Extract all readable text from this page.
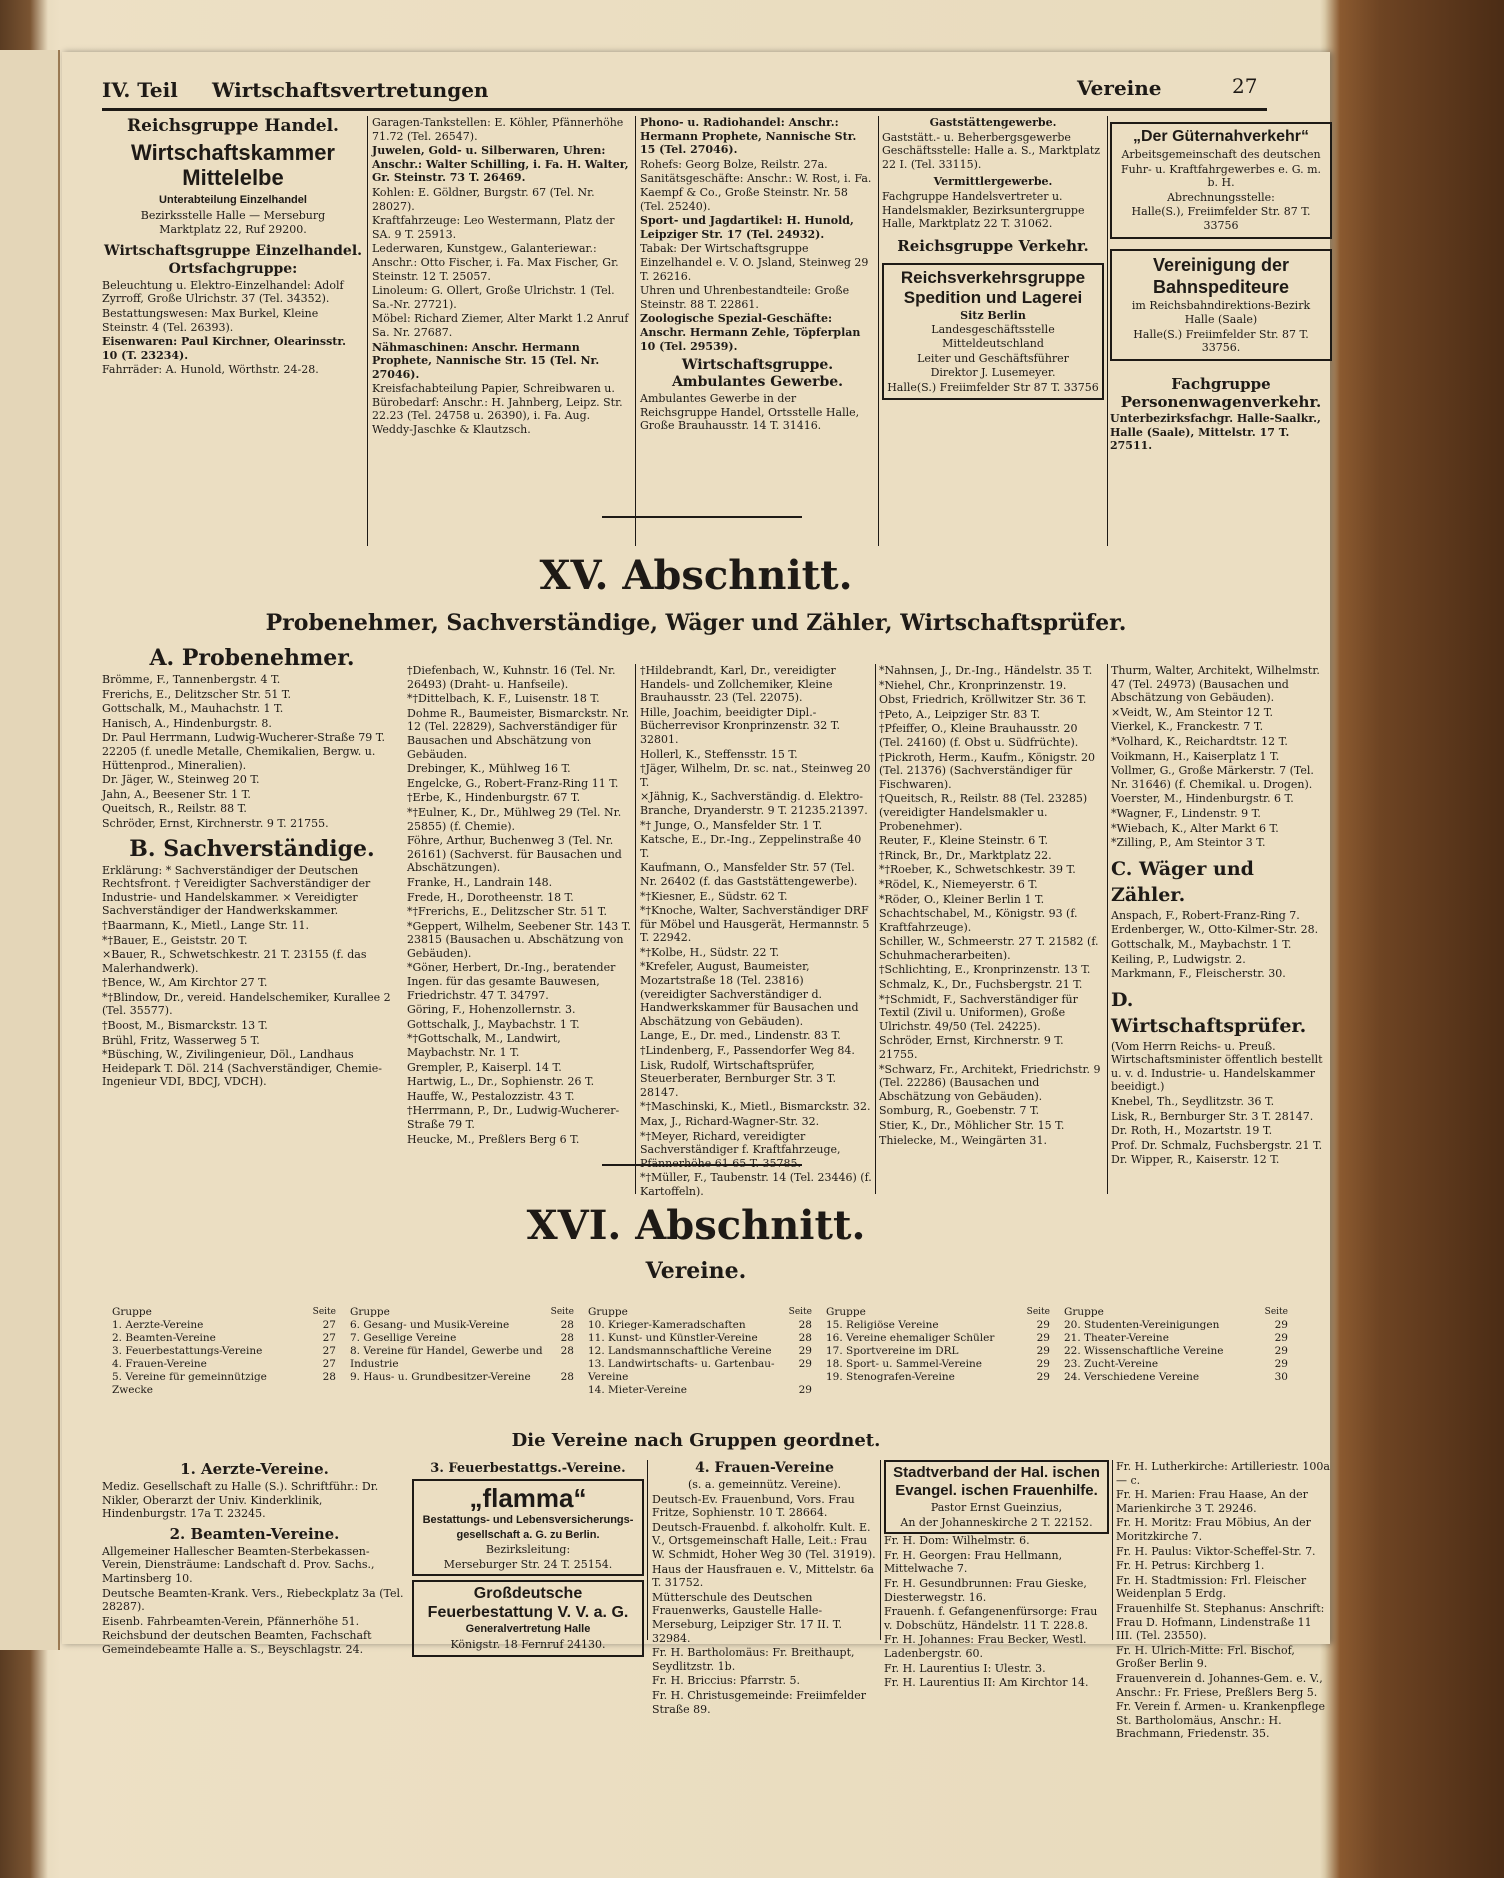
IV. Teil Wirtschaftsvertretungen	Vereine	27

Reichsgruppe Handel.

Wirtschaftskammer Mittelelbe

Unterabteilung Einzelhandel

Bezirksstelle Halle — Merseburg

Marktplatz 22, Ruf 29200.

Wirtschaftsgruppe Einzelhandel.

Ortsfachgruppe:

Beleuchtung u. Elektro-Einzelhandel: Adolf Zyrroff, Große Ulrichstr. 37 (Tel. 34352).

Bestattungswesen: Max Burkel, Kleine Steinstr. 4 (Tel. 26393).

Eisenwaren: Paul Kirchner, Olearinsstr. 10 (T. 23234).

Fahrräder: A. Hunold, Wörthstr. 24-28.

Garagen-Tankstellen: E. Köhler, Pfännerhöhe 71.72 (Tel. 26547).

Juwelen, Gold- u. Silberwaren, Uhren: Anschr.: Walter Schilling, i. Fa. H. Walter, Gr. Steinstr. 73 T. 26469.

Kohlen: E. Göldner, Burgstr. 67 (Tel. Nr. 28027).

Kraftfahrzeuge: Leo Westermann, Platz der SA. 9 T. 25913.

Lederwaren, Kunstgew., Galanteriewar.: Anschr.: Otto Fischer, i. Fa. Max Fischer, Gr. Steinstr. 12 T. 25057.

Linoleum: G. Ollert, Große Ulrichstr. 1 (Tel. Sa.-Nr. 27721).

Möbel: Richard Ziemer, Alter Markt 1.2 Anruf Sa. Nr. 27687.

Nähmaschinen: Anschr. Hermann Prophete, Nannische Str. 15 (Tel. Nr. 27046).

Kreisfachabteilung Papier, Schreibwaren u. Bürobedarf: Anschr.: H. Jahnberg, Leipz. Str. 22.23 (Tel. 24758 u. 26390), i. Fa. Aug. Weddy-Jaschke & Klautzsch.

Phono- u. Radiohandel: Anschr.: Hermann Prophete, Nannische Str. 15 (Tel. 27046).

Rohefs: Georg Bolze, Reilstr. 27a.

Sanitätsgeschäfte: Anschr.: W. Rost, i. Fa. Kaempf & Co., Große Steinstr. Nr. 58 (Tel. 25240).

Sport- und Jagdartikel: H. Hunold, Leipziger Str. 17 (Tel. 24932).

Tabak: Der Wirtschaftsgruppe Einzelhandel e. V. O. Jsland, Steinweg 29 T. 26216.

Uhren und Uhrenbestandteile: Große Steinstr. 88 T. 22861.

Zoologische Spezial-Geschäfte: Anschr. Hermann Zehle, Töpferplan 10 (Tel. 29539).

Wirtschaftsgruppe. Ambulantes Gewerbe.

Ambulantes Gewerbe in der Reichsgruppe Handel, Ortsstelle Halle, Große Brauhausstr. 14 T. 31416.

Gaststättengewerbe.

Gaststätt.- u. Beherbergsgewerbe Geschäftsstelle: Halle a. S., Marktplatz 22 I. (Tel. 33115).

Vermittlergewerbe.

Fachgruppe Handelsvertreter u. Handelsmakler, Bezirksuntergruppe Halle, Marktplatz 22 T. 31062.

Reichsgruppe Verkehr.

Reichsverkehrsgruppe Spedition und Lagerei

Sitz Berlin

Landesgeschäftsstelle Mitteldeutschland

Leiter und Geschäftsführer

Direktor J. Lusemeyer.

Halle(S.) Freiimfelder Str 87 T. 33756

„Der Güternahverkehr“

Arbeitsgemeinschaft des deutschen

Fuhr- u. Kraftfahrgewerbes e. G. m. b. H.

Abrechnungsstelle:

Halle(S.), Freiimfelder Str. 87 T. 33756

Vereinigung der Bahnspediteure

im Reichsbahndirektions-Bezirk

Halle (Saale)

Halle(S.) Freiimfelder Str. 87 T. 33756.

Fachgruppe Personenwagenverkehr.

Unterbezirksfachgr. Halle-Saalkr., Halle (Saale), Mittelstr. 17 T. 27511.

XV. Abschnitt.
Probenehmer, Sachverständige, Wäger und Zähler, Wirtschaftsprüfer.

A. Probenehmer.

Brömme, F., Tannenbergstr. 4 T.

Frerichs, E., Delitzscher Str. 51 T.

Gottschalk, M., Mauhachstr. 1 T.

Hanisch, A., Hindenburgstr. 8.

Dr. Paul Herrmann, Ludwig-Wucherer-Straße 79 T. 22205 (f. unedle Metalle, Chemikalien, Bergw. u. Hüttenprod., Mineralien).

Dr. Jäger, W., Steinweg 20 T.

Jahn, A., Beesener Str. 1 T.

Queitsch, R., Reilstr. 88 T.

Schröder, Ernst, Kirchnerstr. 9 T. 21755.

B. Sachverständige.

Erklärung: * Sachverständiger der Deutschen Rechtsfront. † Vereidigter Sachverständiger der Industrie- und Handelskammer. × Vereidigter Sachverständiger der Handwerkskammer.

†Baarmann, K., Mietl., Lange Str. 11.

*†Bauer, E., Geiststr. 20 T.

×Bauer, R., Schwetschkestr. 21 T. 23155 (f. das Malerhandwerk).

†Bence, W., Am Kirchtor 27 T.

*†Blindow, Dr., vereid. Handelschemiker, Kurallee 2 (Tel. 35577).

†Boost, M., Bismarckstr. 13 T.

Brühl, Fritz, Wasserweg 5 T.

*Büsching, W., Zivilingenieur, Döl., Landhaus Heidepark T. Döl. 214 (Sachverständiger, Chemie-Ingenieur VDI, BDCJ, VDCH).

†Diefenbach, W., Kuhnstr. 16 (Tel. Nr. 26493) (Draht- u. Hanfseile).

*†Dittelbach, K. F., Luisenstr. 18 T.

Dohme R., Baumeister, Bismarckstr. Nr. 12 (Tel. 22829), Sachverständiger für Bausachen und Abschätzung von Gebäuden.

Drebinger, K., Mühlweg 16 T.

Engelcke, G., Robert-Franz-Ring 11 T.

†Erbe, K., Hindenburgstr. 67 T.

*†Eulner, K., Dr., Mühlweg 29 (Tel. Nr. 25855) (f. Chemie).

Föhre, Arthur, Buchenweg 3 (Tel. Nr. 26161) (Sachverst. für Bausachen und Abschätzungen).

Franke, H., Landrain 148.

Frede, H., Dorotheenstr. 18 T.

*†Frerichs, E., Delitzscher Str. 51 T.

*Geppert, Wilhelm, Seebener Str. 143 T. 23815 (Bausachen u. Abschätzung von Gebäuden).

*Göner, Herbert, Dr.-Ing., beratender Ingen. für das gesamte Bauwesen, Friedrichstr. 47 T. 34797.

Göring, F., Hohenzollernstr. 3.

Gottschalk, J., Maybachstr. 1 T.

*†Gottschalk, M., Landwirt, Maybachstr. Nr. 1 T.

Grempler, P., Kaiserpl. 14 T.

Hartwig, L., Dr., Sophienstr. 26 T.

Hauffe, W., Pestalozzistr. 43 T.

†Herrmann, P., Dr., Ludwig-Wucherer-Straße 79 T.

Heucke, M., Preßlers Berg 6 T.

†Hildebrandt, Karl, Dr., vereidigter Handels- und Zollchemiker, Kleine Brauhausstr. 23 (Tel. 22075).

Hille, Joachim, beeidigter Dipl.-Bücherrevisor Kronprinzenstr. 32 T. 32801.

Hollerl, K., Steffensstr. 15 T.

†Jäger, Wilhelm, Dr. sc. nat., Steinweg 20 T.

×Jähnig, K., Sachverständig. d. Elektro-Branche, Dryanderstr. 9 T. 21235.21397.

*† Junge, O., Mansfelder Str. 1 T.

Katsche, E., Dr.-Ing., Zeppelinstraße 40 T.

Kaufmann, O., Mansfelder Str. 57 (Tel. Nr. 26402 (f. das Gaststättengewerbe).

*†Kiesner, E., Südstr. 62 T.

*†Knoche, Walter, Sachverständiger DRF für Möbel und Hausgerät, Hermannstr. 5 T. 22942.

*†Kolbe, H., Südstr. 22 T.

*Krefeler, August, Baumeister, Mozartstraße 18 (Tel. 23816) (vereidigter Sachverständiger d. Handwerkskammer für Bausachen und Abschätzung von Gebäuden).

Lange, E., Dr. med., Lindenstr. 83 T.

†Lindenberg, F., Passendorfer Weg 84.

Lisk, Rudolf, Wirtschaftsprüfer, Steuerberater, Bernburger Str. 3 T. 28147.

*†Maschinski, K., Mietl., Bismarckstr. 32.

Max, J., Richard-Wagner-Str. 32.

*†Meyer, Richard, vereidigter Sachverständiger f. Kraftfahrzeuge,

*†Müller, F., Taubenstr. 14 (Tel. 23446) (f. Kartoffeln).

*Nahnsen, J., Dr.-Ing., Händelstr. 35 T.

*Niehel, Chr., Kronprinzenstr. 19.

Obst, Friedrich, Kröllwitzer Str. 36 T.

†Peto, A., Leipziger Str. 83 T.

†Pfeiffer, O., Kleine Brauhausstr. 20 (Tel. 24160) (f. Obst u. Südfrüchte).

†Pickroth, Herm., Kaufm., Königstr. 20 (Tel. 21376) (Sachverständiger für Fischwaren).

†Queitsch, R., Reilstr. 88 (Tel. 23285) (vereidigter Handelsmakler u. Probenehmer).

Reuter, F., Kleine Steinstr. 6 T.

†Rinck, Br., Dr., Marktplatz 22.

*†Roeber, K., Schwetschkestr. 39 T.

*Rödel, K., Niemeyerstr. 6 T.

*Röder, O., Kleiner Berlin 1 T.

Schachtschabel, M., Königstr. 93 (f. Kraftfahrzeuge).

Schiller, W., Schmeerstr. 27 T. 21582 (f. Schuhmacherarbeiten).

†Schlichting, E., Kronprinzenstr. 13 T.

Schmalz, K., Dr., Fuchsbergstr. 21 T.

*†Schmidt, F., Sachverständiger für Textil (Zivil u. Uniformen), Große Ulrichstr. 49/50 (Tel. 24225).

Schröder, Ernst, Kirchnerstr. 9 T. 21755.

*Schwarz, Fr., Architekt, Friedrichstr. 9 (Tel. 22286) (Bausachen und Abschätzung von Gebäuden).

Somburg, R., Goebenstr. 7 T.

Stier, K., Dr., Möhlicher Str. 15 T.

Thielecke, M., Weingärten 31.

Thurm, Walter, Architekt, Wilhelmstr. 47 (Tel. 24973) (Bausachen und Abschätzung von Gebäuden).

×Veidt, W., Am Steintor 12 T.

Vierkel, K., Franckestr. 7 T.

*Volhard, K., Reichardtstr. 12 T.

Voikmann, H., Kaiserplatz 1 T.

Vollmer, G., Große Märkerstr. 7 (Tel. Nr. 31646) (f. Chemikal. u. Drogen).

Voerster, M., Hindenburgstr. 6 T.

*Wagner, F., Lindenstr. 9 T.

*Wiebach, K., Alter Markt 6 T.

*Zilling, P., Am Steintor 3 T.

C. Wäger und Zähler.

Anspach, F., Robert-Franz-Ring 7.

Erdenberger, W., Otto-Kilmer-Str. 28.

Gottschalk, M., Maybachstr. 1 T.

Keiling, P., Ludwigstr. 2.

Markmann, F., Fleischerstr. 30.

D. Wirtschaftsprüfer.

(Vom Herrn Reichs- u. Preuß. Wirtschaftsminister öffentlich bestellt u. v. d. Industrie- u. Handelskammer beeidigt.)

Knebel, Th., Seydlitzstr. 36 T.

Lisk, R., Bernburger Str. 3 T. 28147.

Dr. Roth, H., Mozartstr. 19 T.

Prof. Dr. Schmalz, Fuchsbergstr. 21 T.

Dr. Wipper, R., Kaiserstr. 12 T.

XVI. Abschnitt.
Vereine.
Gruppe	Seite
1. Aerzte-Vereine	27
2. Beamten-Vereine	27
3. Feuerbestattungs-Vereine	27
4. Frauen-Vereine	27
5. Vereine für gemeinnützige Zwecke	28
Gruppe	Seite
6. Gesang- und Musik-Vereine	28
7. Gesellige Vereine	28
8. Vereine für Handel, Gewerbe und Industrie	28
9. Haus- u. Grundbesitzer-Vereine	28
Gruppe	Seite
10. Krieger-Kameradschaften	28
11. Kunst- und Künstler-Vereine	28
12. Landsmannschaftliche Vereine	29
13. Landwirtschafts- u. Gartenbau-Vereine	29
14. Mieter-Vereine	29
Gruppe	Seite
15. Religiöse Vereine	29
16. Vereine ehemaliger Schüler	29
17. Sportvereine im DRL	29
18. Sport- u. Sammel-Vereine	29
19. Stenografen-Vereine	29
Gruppe	Seite
20. Studenten-Vereinigungen	29
21. Theater-Vereine	29
22. Wissenschaftliche Vereine	29
23. Zucht-Vereine	29
24. Verschiedene Vereine	30
Die Vereine nach Gruppen geordnet.

1. Aerzte-Vereine.

Mediz. Gesellschaft zu Halle (S.). Schriftführ.: Dr. Nikler, Oberarzt der Univ. Kinderklinik, Hindenburgstr. 17a T. 23245.

2. Beamten-Vereine.

Allgemeiner Hallescher Beamten-Sterbekassen-Verein, Diensträume: Landschaft d. Prov. Sachs., Martinsberg 10.

Deutsche Beamten-Krank. Vers., Riebeckplatz 3a (Tel. 28287).

Eisenb. Fahrbeamten-Verein, Pfännerhöhe 51.

Reichsbund der deutschen Beamten, Fachschaft Gemeindebeamte Halle a. S., Beyschlagstr. 24.

3. Feuerbestattgs.-Vereine.

„flamma“

Bestattungs- und Lebensversicherungs-

gesellschaft a. G. zu Berlin.

Bezirksleitung:

Merseburger Str. 24 T. 25154.

Großdeutsche Feuerbestattung V. V. a. G.

Generalvertretung Halle

Königstr. 18 Fernruf 24130.

4. Frauen-Vereine

(s. a. gemeinnütz. Vereine).

Deutsch-Ev. Frauenbund, Vors. Frau Fritze, Sophienstr. 10 T. 28664.

Deutsch-Frauenbd. f. alkoholfr. Kult. E. V., Ortsgemeinschaft Halle, Leit.: Frau W. Schmidt, Hoher Weg 30 (Tel. 31919).

Haus der Hausfrauen e. V., Mittelstr. 6a T. 31752.

Mütterschule des Deutschen Frauenwerks, Gaustelle Halle-Merseburg, Leipziger Str. 17 II. T. 32984.

Fr. H. Bartholomäus: Fr. Breithaupt, Seydlitzstr. 1b.

Fr. H. Briccius: Pfarrstr. 5.

Fr. H. Christusgemeinde: Freiimfelder Straße 89.

Stadtverband der Hal. ischen Evangel. ischen Frauenhilfe.

Pastor Ernst Gueinzius,

An der Johanneskirche 2 T. 22152.

Fr. H. Dom: Wilhelmstr. 6.

Fr. H. Georgen: Frau Hellmann, Mittelwache 7.

Fr. H. Gesundbrunnen: Frau Gieske, Diesterwegstr. 16.

Frauenh. f. Gefangenenfürsorge: Frau v. Dobschütz, Händelstr. 11 T. 228.8.

Fr. H. Johannes: Frau Becker, Westl. Ladenbergstr. 60.

Fr. H. Laurentius I: Ulestr. 3.

Fr. H. Laurentius II: Am Kirchtor 14.

Fr. H. Lutherkirche: Artilleriestr. 100a — c.

Fr. H. Marien: Frau Haase, An der Marienkirche 3 T. 29246.

Fr. H. Moritz: Frau Möbius, An der Moritzkirche 7.

Fr. H. Paulus: Viktor-Scheffel-Str. 7.

Fr. H. Petrus: Kirchberg 1.

Fr. H. Stadtmission: Frl. Fleischer Weidenplan 5 Erdg.

Frauenhilfe St. Stephanus: Anschrift: Frau D. Hofmann, Lindenstraße 11 III. (Tel. 23550).

Fr. H. Ulrich-Mitte: Frl. Bischof, Großer Berlin 9.

Frauenverein d. Johannes-Gem. e. V., Anschr.: Fr. Friese, Preßlers Berg 5.

Fr. Verein f. Armen- u. Krankenpflege St. Bartholomäus, Anschr.: H. Brachmann, Friedenstr. 35.
